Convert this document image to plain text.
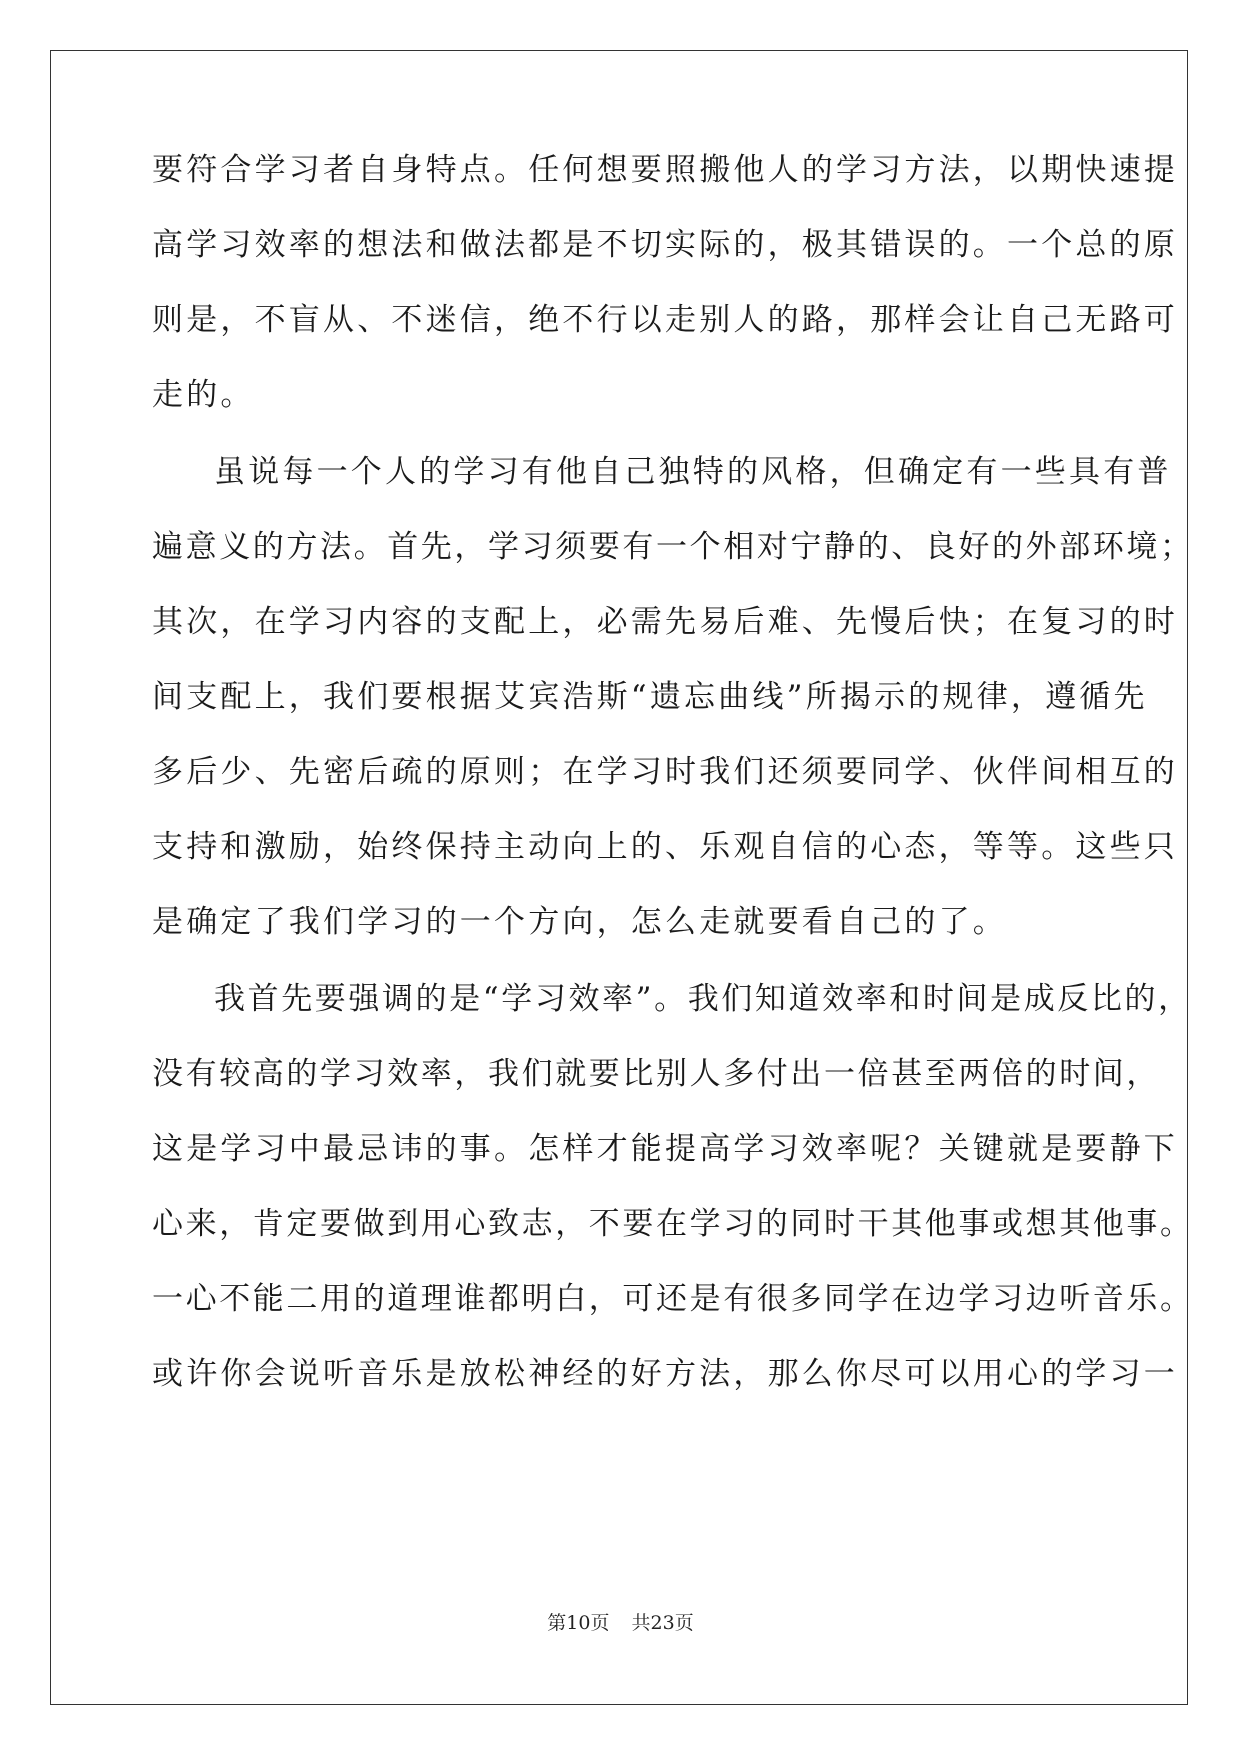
要符合学习者自身特点。任何想要照搬他人的学习方法，以期快速提
高学习效率的想法和做法都是不切实际的，极其错误的。一个总的原
则是，不盲从、不迷信，绝不行以走别人的路，那样会让自己无路可
走的。
虽说每一个人的学习有他自己独特的风格，但确定有一些具有普
遍意义的方法。首先，学习须要有一个相对宁静的、良好的外部环境；
其次，在学习内容的支配上，必需先易后难、先慢后快；在复习的时
间支配上，我们要根据艾宾浩斯“遗忘曲线”所揭示的规律，遵循先
多后少、先密后疏的原则；在学习时我们还须要同学、伙伴间相互的
支持和激励，始终保持主动向上的、乐观自信的心态，等等。这些只
是确定了我们学习的一个方向，怎么走就要看自己的了。
我首先要强调的是“学习效率”。我们知道效率和时间是成反比的，
没有较高的学习效率，我们就要比别人多付出一倍甚至两倍的时间，
这是学习中最忌讳的事。怎样才能提高学习效率呢？关键就是要静下
心来，肯定要做到用心致志，不要在学习的同时干其他事或想其他事。
一心不能二用的道理谁都明白，可还是有很多同学在边学习边听音乐。
或许你会说听音乐是放松神经的好方法，那么你尽可以用心的学习一
第10页 共23页
